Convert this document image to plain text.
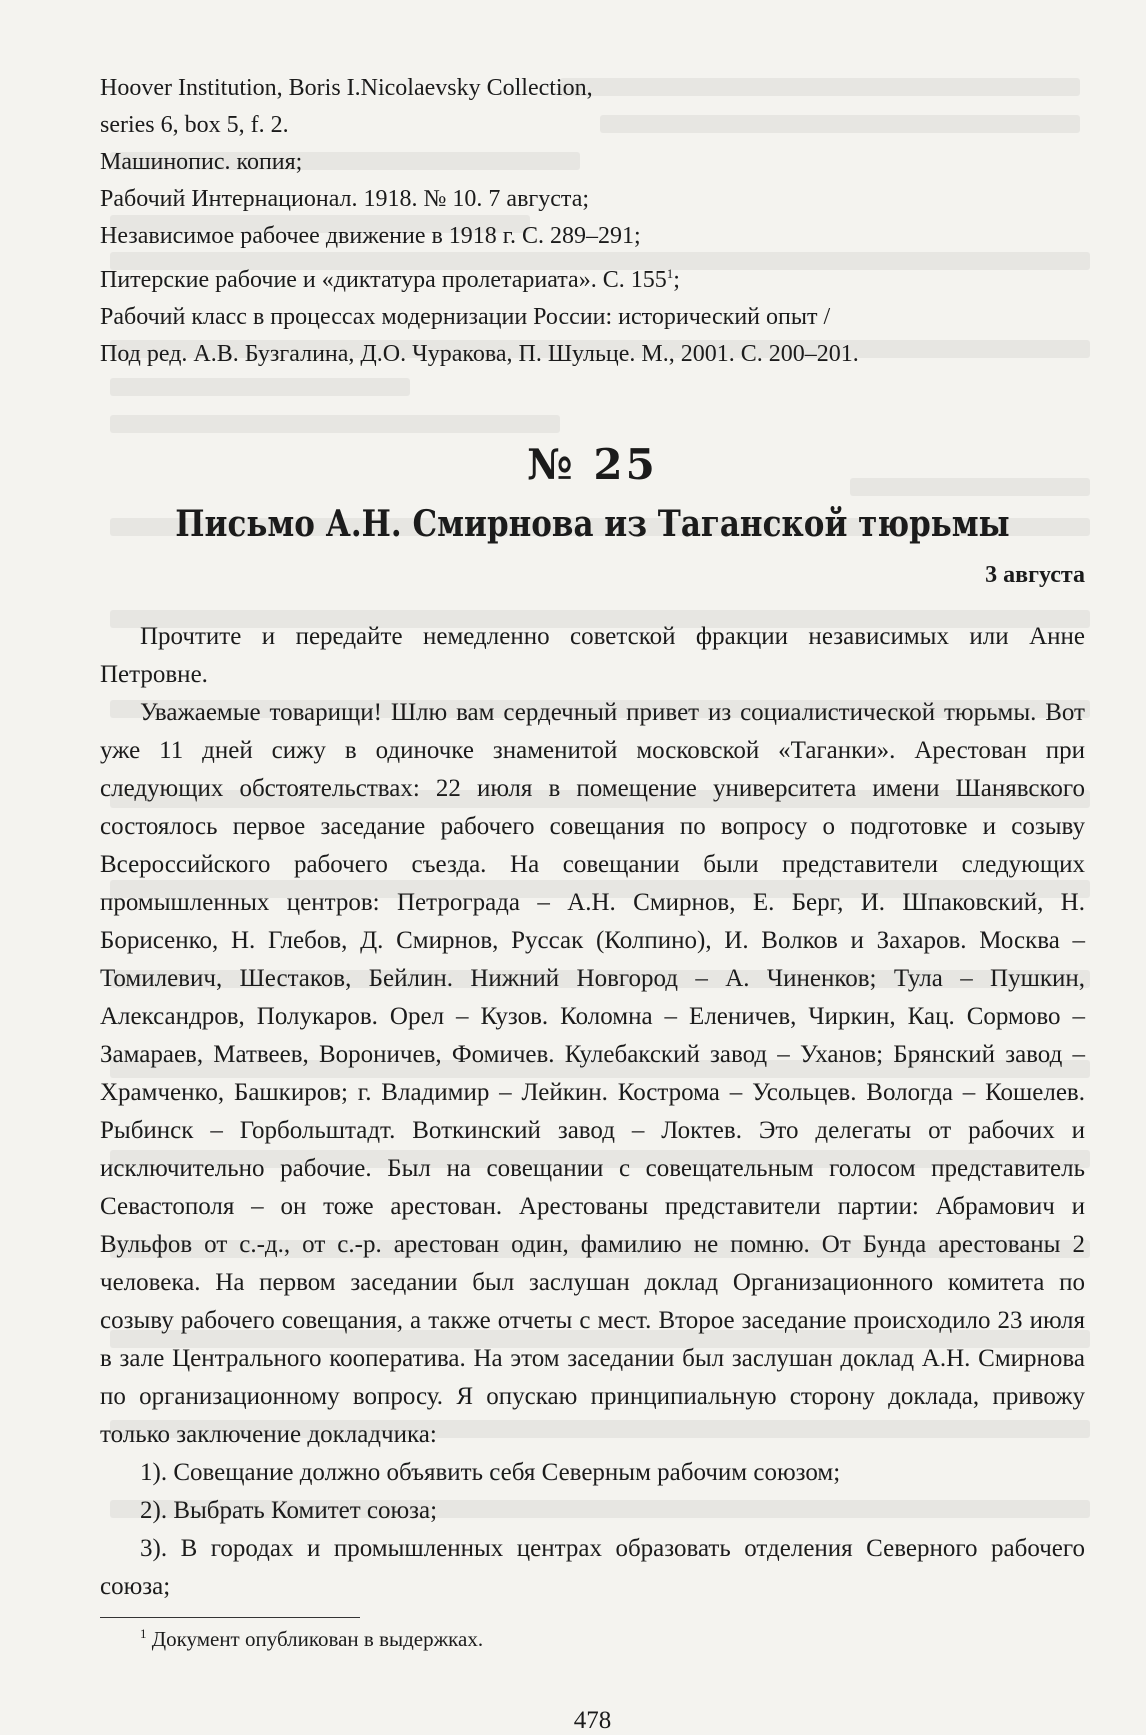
Hoover Institution, Boris I.Nicolaevsky Collection,

series 6, box 5, f. 2.

Машинопис. копия;

Рабочий Интернационал. 1918. № 10. 7 августа;

Независимое рабочее движение в 1918 г. С. 289–291;

Питерские рабочие и «диктатура пролетариата». С. $155^1$;

Рабочий класс в процессах модернизации России: исторический опыт /

Под ред. А.В. Бузгалина, Д.О. Чуракова, П. Шульце. М., 2001. С. 200–201.

№ 25
Письмо А.Н. Смирнова из Таганской тюрьмы
3 августа

Прочтите и передайте немедленно советской фракции независимых или Анне Петровне.

Уважаемые товарищи! Шлю вам сердечный привет из социалистической тюрьмы. Вот уже 11 дней сижу в одиночке знаменитой московской «Таганки». Арестован при следующих обстоятельствах: 22 июля в помещение университета имени Шанявского состоялось первое заседание рабочего совещания по вопросу о подготовке и созыву Всероссийского рабочего съезда. На совещании были представители следующих промышленных центров: Петрограда – А.Н. Смирнов, Е. Берг, И. Шпаковский, Н. Борисенко, Н. Глебов, Д. Смирнов, Руссак (Колпино), И. Волков и Захаров. Москва – Томилевич, Шестаков, Бейлин. Нижний Новгород – А. Чиненков; Тула – Пушкин, Александров, Полукаров. Орел – Кузов. Коломна – Еленичев, Чиркин, Кац. Сормово – Замараев, Матвеев, Вороничев, Фомичев. Кулебакский завод – Уханов; Брянский завод – Храмченко, Башкиров; г. Владимир – Лейкин. Кострома – Усольцев. Вологда – Кошелев. Рыбинск – Горбольштадт. Воткинский завод – Локтев. Это делегаты от рабочих и исключительно рабочие. Был на совещании с совещательным голосом представитель Севастополя – он тоже арестован. Арестованы представители партии: Абрамович и Вульфов от с.-д., от с.-р. арестован один, фамилию не помню. От Бунда арестованы 2 человека. На первом заседании был заслушан доклад Организационного комитета по созыву рабочего совещания, а также отчеты с мест. Второе заседание происходило 23 июля в зале Центрального кооператива. На этом заседании был заслушан доклад А.Н. Смирнова по организационному вопросу. Я опускаю принципиальную сторону доклада, привожу только заключение докладчика:

1). Совещание должно объявить себя Северным рабочим союзом;

2). Выбрать Комитет союза;

3). В городах и промышленных центрах образовать отделения Северного рабочего союза;

$^1$ Документ опубликован в выдержках.
478
